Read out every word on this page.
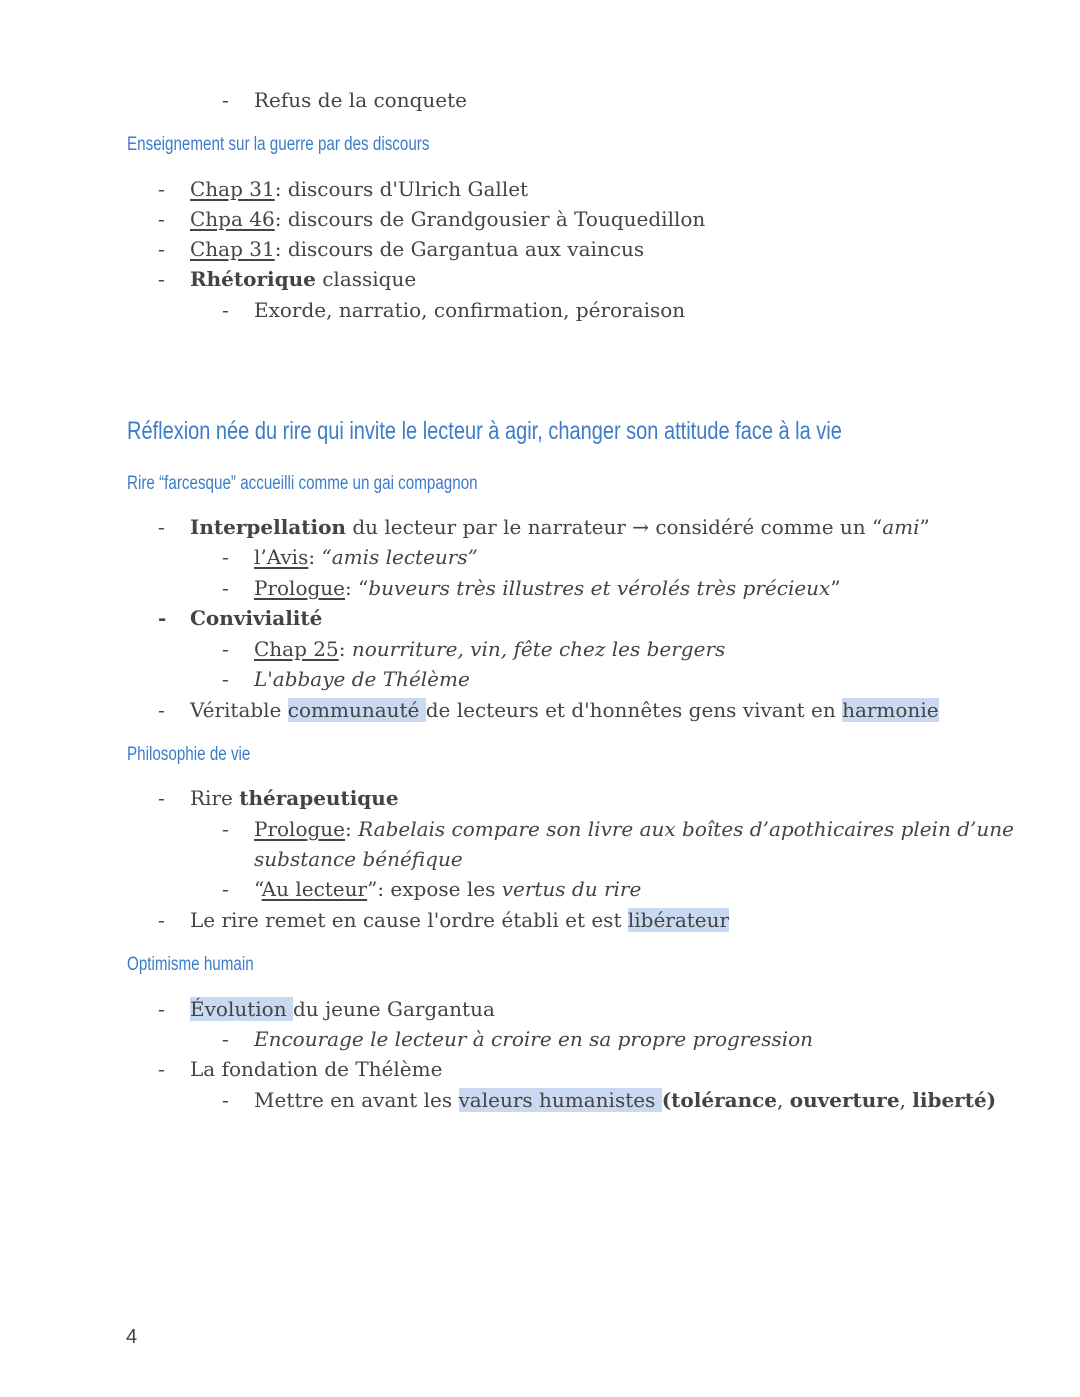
- Refus de la conquete
Enseignement sur la guerre par des discours
- Chap 31: discours d'Ulrich Gallet
- Chpa 46: discours de Grandgousier à Touquedillon
- Chap 31: discours de Gargantua aux vaincus
- Rhétorique classique
- Exorde, narratio, confirmation, péroraison
Réflexion née du rire qui invite le lecteur à agir, changer son attitude face à la vie
Rire “farcesque” accueilli comme un gai compagnon
- Interpellation du lecteur par le narrateur → considéré comme un “ami”
- l’Avis: “amis lecteurs”
- Prologue: “buveurs très illustres et vérolés très précieux”
- Convivialité
- Chap 25: nourriture, vin, fête chez les bergers
- L'abbaye de Thélème
- Véritable communauté de lecteurs et d'honnêtes gens vivant en harmonie
Philosophie de vie
- Rire thérapeutique
- Prologue: Rabelais compare son livre aux boîtes d’apothicaires plein d’une
substance bénéfique
- “Au lecteur”: expose les vertus du rire
- Le rire remet en cause l'ordre établi et est libérateur
Optimisme humain
- Évolution du jeune Gargantua
- Encourage le lecteur à croire en sa propre progression
- La fondation de Thélème
- Mettre en avant les valeurs humanistes (tolérance, ouverture, liberté)
4
